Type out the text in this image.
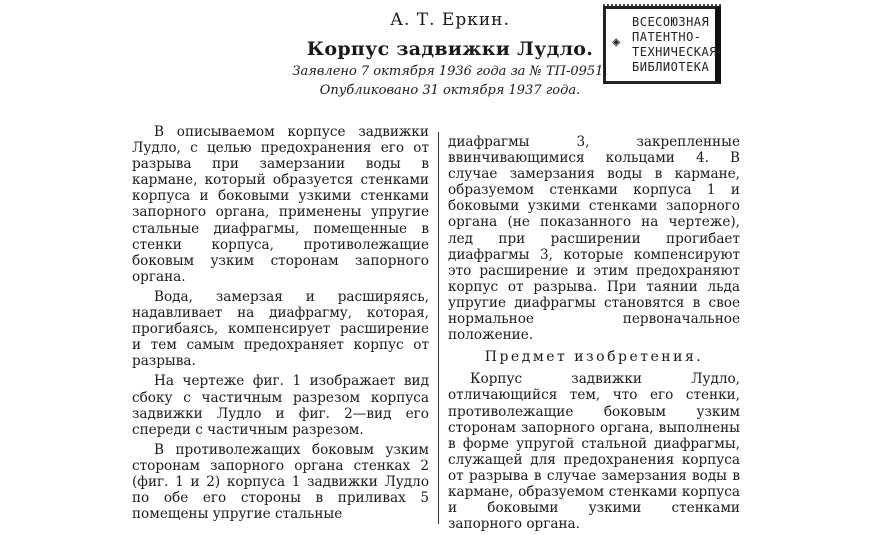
А. Т. Еркин.
Корпус задвижки Лудло.
Заявлено 7 октября 1936 года за № ТП-0951.
Опубликовано 31 октября 1937 года.
◈
ВСЕСОЮЗНАЯ
ПАТЕНТНО-
ТЕХНИЧЕСКАЯ
БИБЛИОТЕКА

В описываемом корпусе задвижки Лудло, с целью предохранения его от разрыва при замерзании воды в кармане, который образуется стенками корпуса и боковыми узкими стенками запорного органа, применены упругие стальные диафрагмы, помещенные в стенки корпуса, противолежащие боковым узким сторонам запорного органа.

Вода, замерзая и расширяясь, надавливает на диафрагму, которая, прогибаясь, компенсирует расширение и тем самым предохраняет корпус от разрыва.

На чертеже фиг. 1 изображает вид сбоку с частичным разрезом корпуса задвижки Лудло и фиг. 2—вид его спереди с частичным разрезом.

В противолежащих боковым узким сторонам запорного органа стенках 2 (фиг. 1 и 2) корпуса 1 задвижки Лудло по обе его стороны в приливах 5 помещены упругие стальные

диафрагмы 3, закрепленные ввинчивающимися кольцами 4. В случае замерзания воды в кармане, образуемом стенками корпуса 1 и боковыми узкими стенками запорного органа (не показанного на чертеже), лед при расширении прогибает диафрагмы 3, которые компенсируют это расширение и этим предохраняют корпус от разрыва. При таянии льда упругие диафрагмы становятся в свое нормальное первоначальное положение.

Предмет изобретения.

Корпус задвижки Лудло, отличающийся тем, что его стенки, противолежащие боковым узким сторонам запорного органа, выполнены в форме упругой стальной диафрагмы, служащей для предохранения корпуса от разрыва в случае замерзания воды в кармане, образуемом стенками корпуса и боковыми узкими стенками запорного органа.
